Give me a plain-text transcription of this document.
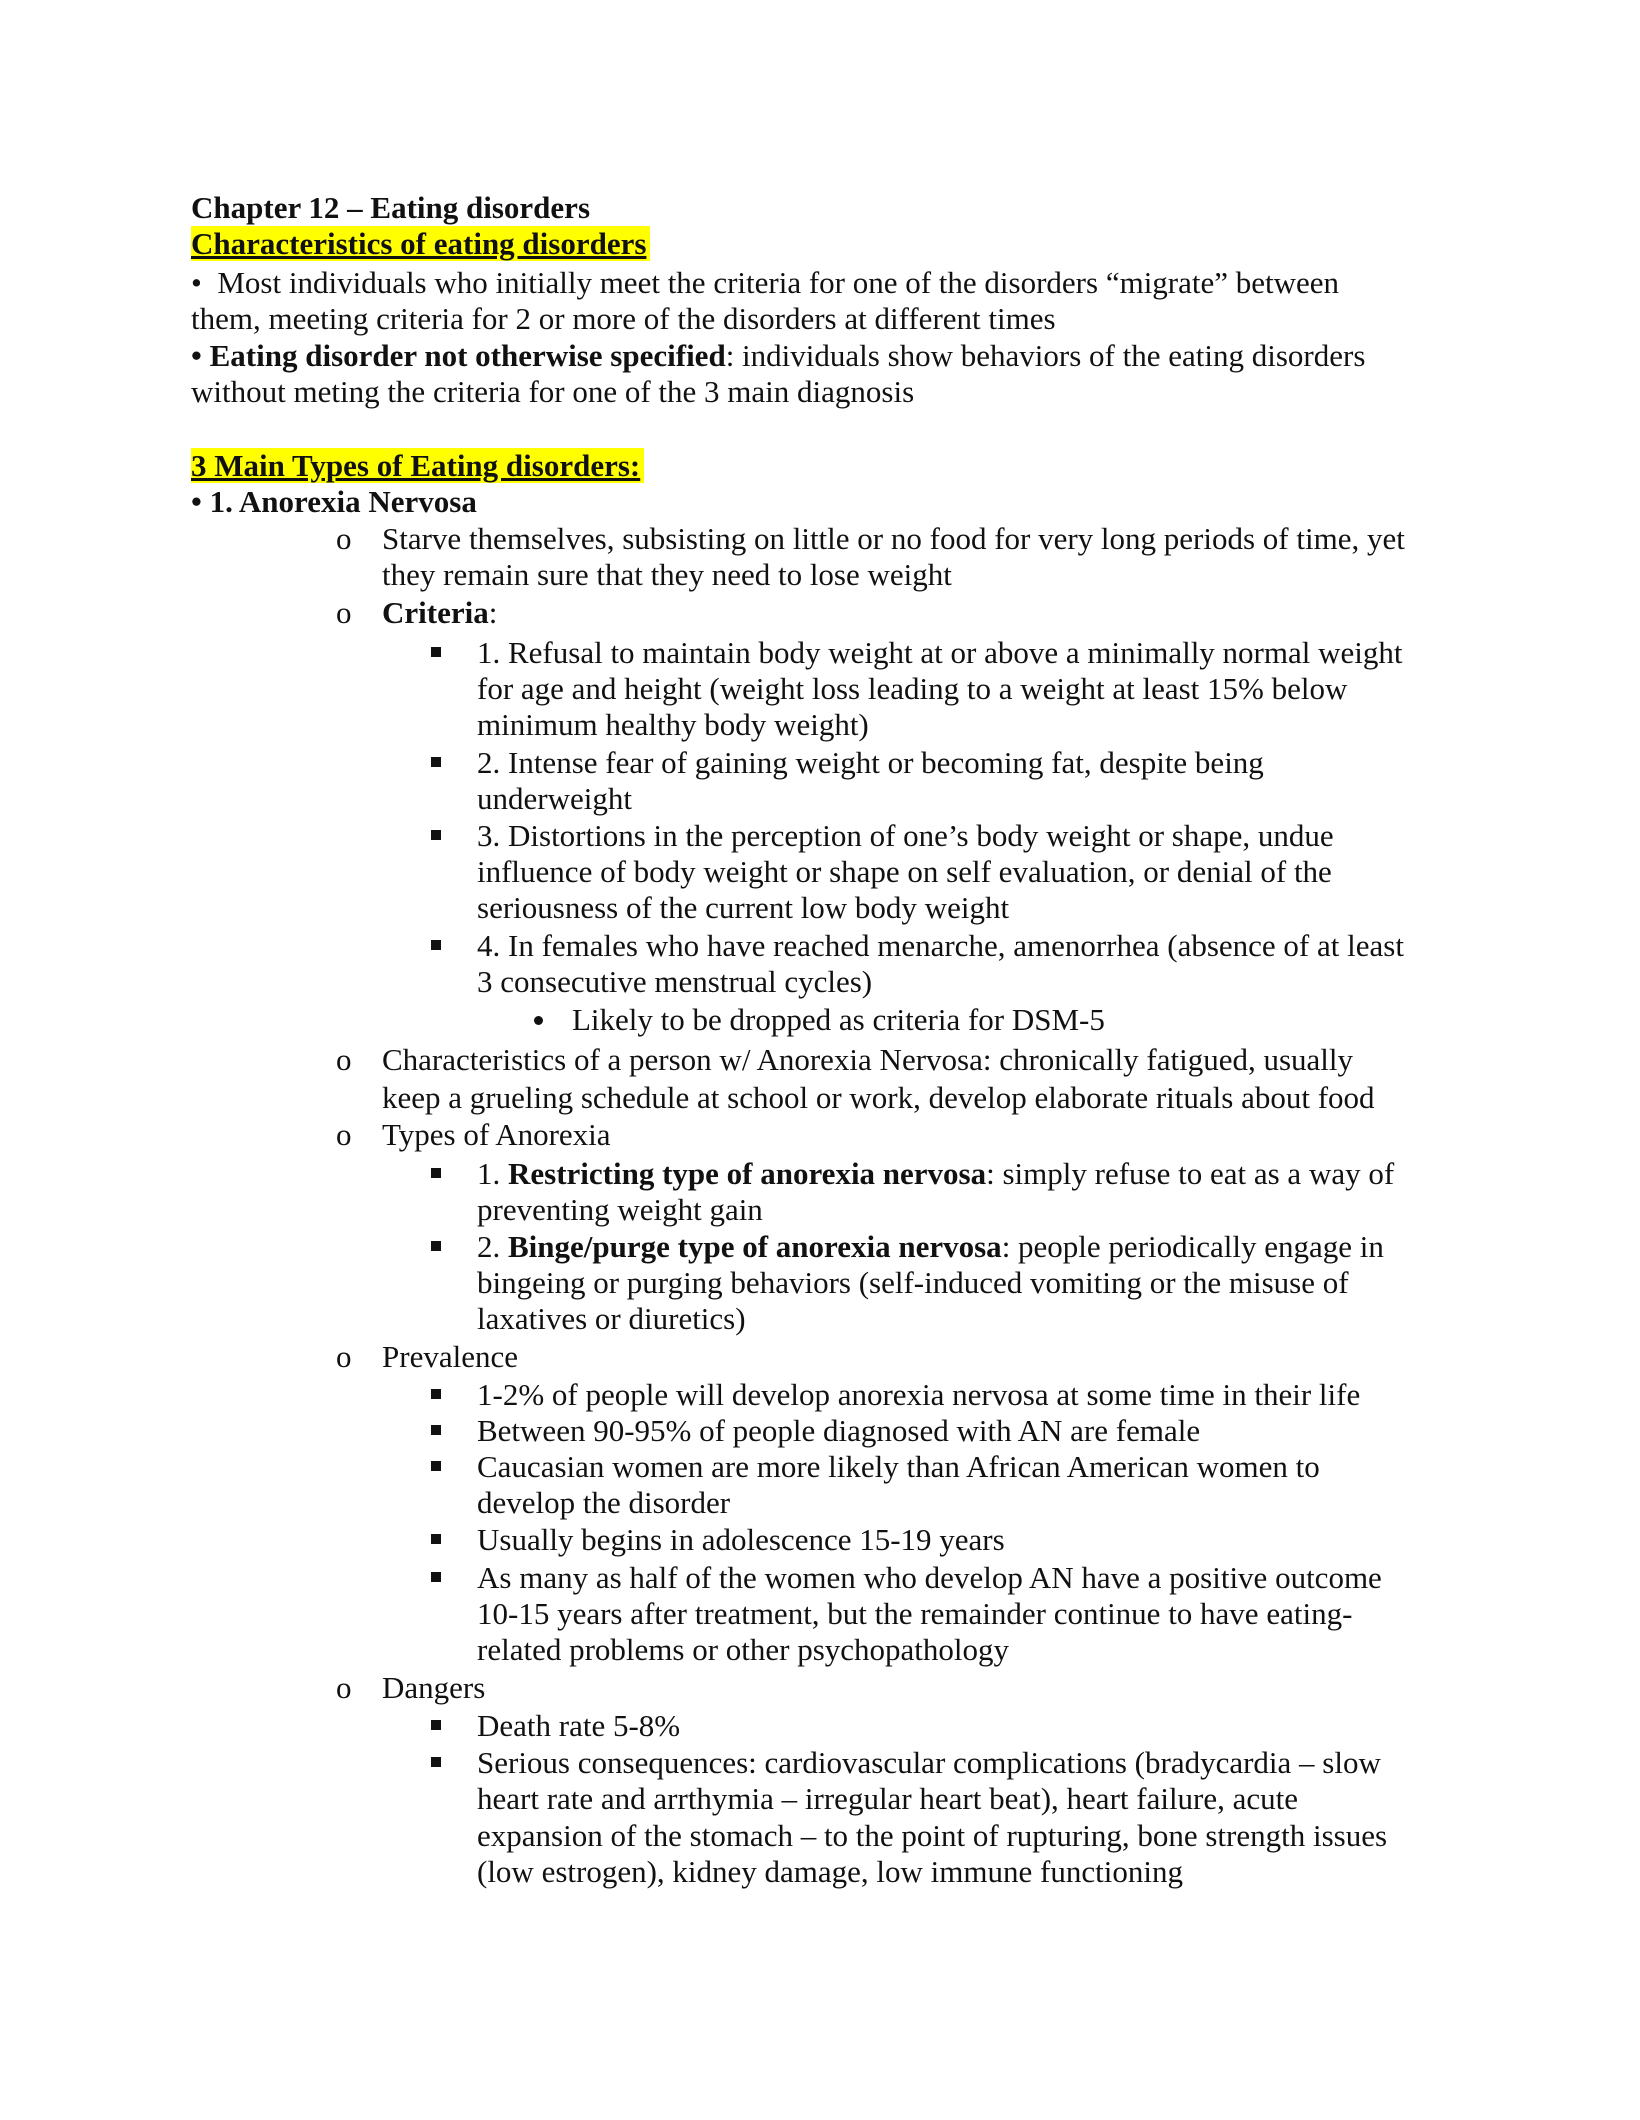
Chapter 12 – Eating disorders
Characteristics of eating disorders
• Most individuals who initially meet the criteria for one of the disorders “migrate” between
them, meeting criteria for 2 or more of the disorders at different times
• Eating disorder not otherwise specified: individuals show behaviors of the eating disorders
without meting the criteria for one of the 3 main diagnosis
3 Main Types of Eating disorders:
• 1. Anorexia Nervosa
o Starve themselves, subsisting on little or no food for very long periods of time, yet
they remain sure that they need to lose weight
o Criteria:
1. Refusal to maintain body weight at or above a minimally normal weight
for age and height (weight loss leading to a weight at least 15% below
minimum healthy body weight)
2. Intense fear of gaining weight or becoming fat, despite being
underweight
3. Distortions in the perception of one’s body weight or shape, undue
influence of body weight or shape on self evaluation, or denial of the
seriousness of the current low body weight
4. In females who have reached menarche, amenorrhea (absence of at least
3 consecutive menstrual cycles)
Likely to be dropped as criteria for DSM-5
o Characteristics of a person w/ Anorexia Nervosa: chronically fatigued, usually
keep a grueling schedule at school or work, develop elaborate rituals about food
o Types of Anorexia
1. Restricting type of anorexia nervosa: simply refuse to eat as a way of
preventing weight gain
2. Binge/purge type of anorexia nervosa: people periodically engage in
bingeing or purging behaviors (self-induced vomiting or the misuse of
laxatives or diuretics)
o Prevalence
1-2% of people will develop anorexia nervosa at some time in their life
Between 90-95% of people diagnosed with AN are female
Caucasian women are more likely than African American women to
develop the disorder
Usually begins in adolescence 15-19 years
As many as half of the women who develop AN have a positive outcome
10-15 years after treatment, but the remainder continue to have eating-
related problems or other psychopathology
o Dangers
Death rate 5-8%
Serious consequences: cardiovascular complications (bradycardia – slow
heart rate and arrthymia – irregular heart beat), heart failure, acute
expansion of the stomach – to the point of rupturing, bone strength issues
(low estrogen), kidney damage, low immune functioning
